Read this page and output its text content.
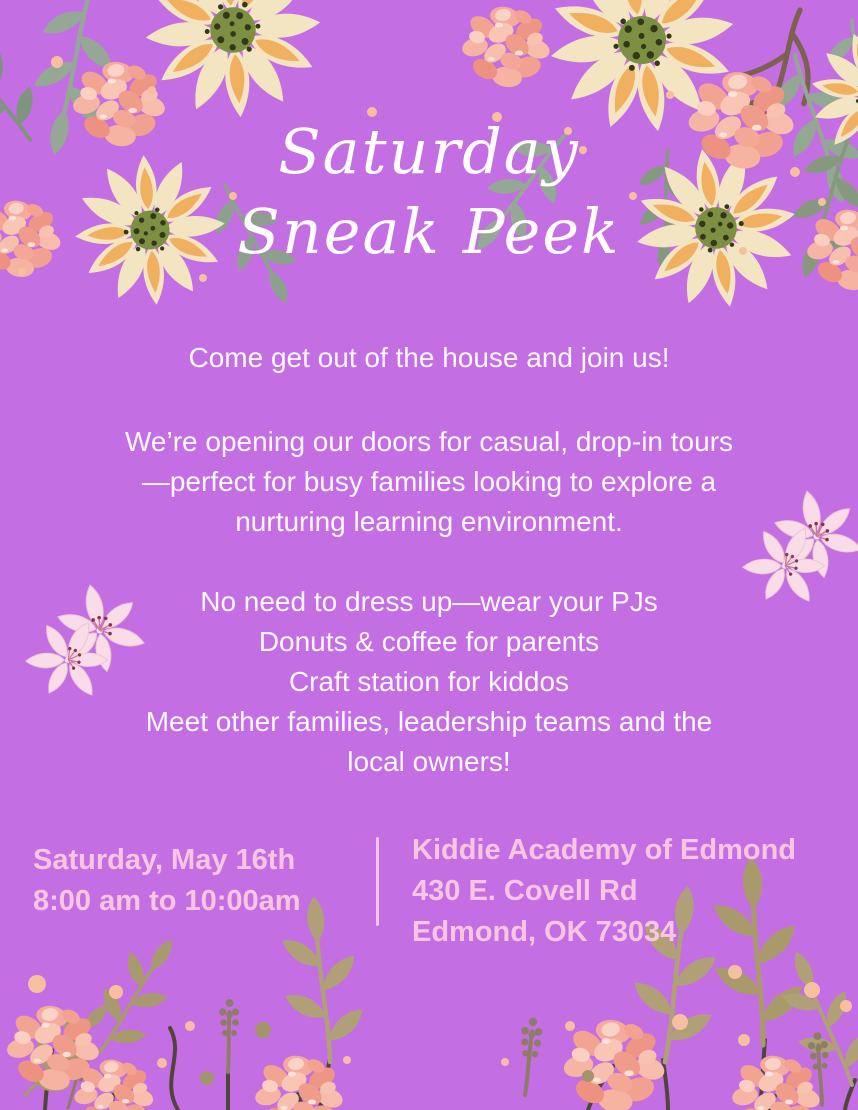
Saturday
Sneak Peek
Come get out of the house and join us!
We’re opening our doors for casual, drop-in tours
—perfect for busy families looking to explore a
nurturing learning environment.
No need to dress up—wear your PJs
Donuts & coffee for parents
Craft station for kiddos
Meet other families, leadership teams and the
local owners!
Saturday, May 16th
8:00 am to 10:00am
Kiddie Academy of Edmond
430 E. Covell Rd
Edmond, OK 73034
